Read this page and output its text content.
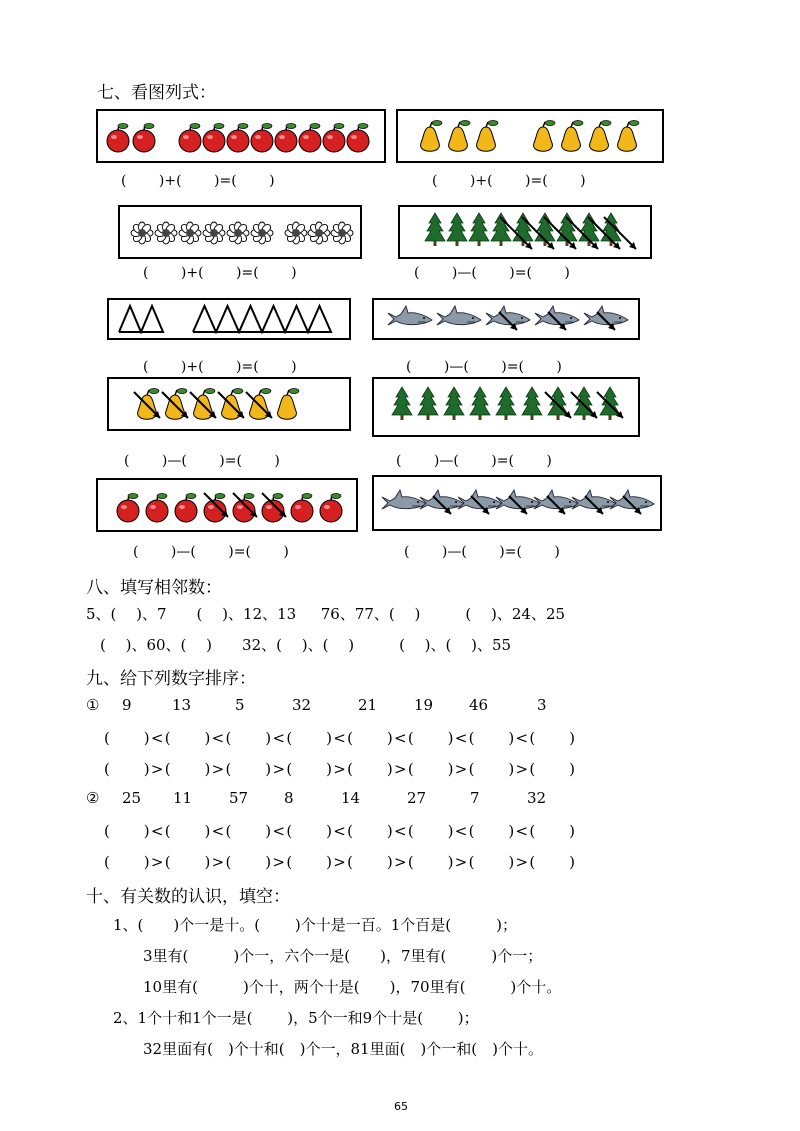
七、看图列式：
(　　 )+(　　 )=(　　 )	(　　 )+(　　 )=(　　 )
(　　 )+(　　 )=(　　 )	(　　 )—(　　 )=(　　 )
(　　 )+(　　 )=(　　 )	(　　 )—(　　 )=(　　 )
(　　 )—(　　 )=(　　 )	(　　 )—(　　 )=(　　 )
(　　 )—(　　 )=(　　 )	(　　 )—(　　 )=(　　 )
八、填写相邻数：
5、(　 )、7　　(　 )、12、13　  76、77、(　 )　　　(　 )、24、25
(　 )、60、(　 )　　32、(　 )、(　 )　　　(　 )、(　 )、55
九、给下列数字排序：
① 9	13	5	32	21 19 46	3
(　　)<(　　)<(　　)<(　　)<(　　)<(　　)<(　　)<(　　)
(　　)>(　　)>(　　)>(　　)>(　　)>(　　)>(　　)>(　　)
② 25 11 57 8	14	27	7	32
(　　)<(　　)<(　　)<(　　)<(　　)<(　　)<(　　)<(　　)
(　　)>(　　)>(　　)>(　　)>(　　)>(　　)>(　　)>(　　)
十、有关数的认识，填空：
1、(　　)个一是十。(　　 )个十是一百。1个百是(　　　)；
3里有(　　　)个一，六个一是(　　)，7里有(　　　)个一；
10里有(　　　)个十，两个十是(　　)，70里有(　　　)个十。
2、1个十和1个一是(　　 )，5个一和9个十是(　　 )；
32里面有(　)个十和(　)个一，81里面(　)个一和(　)个十。
65
